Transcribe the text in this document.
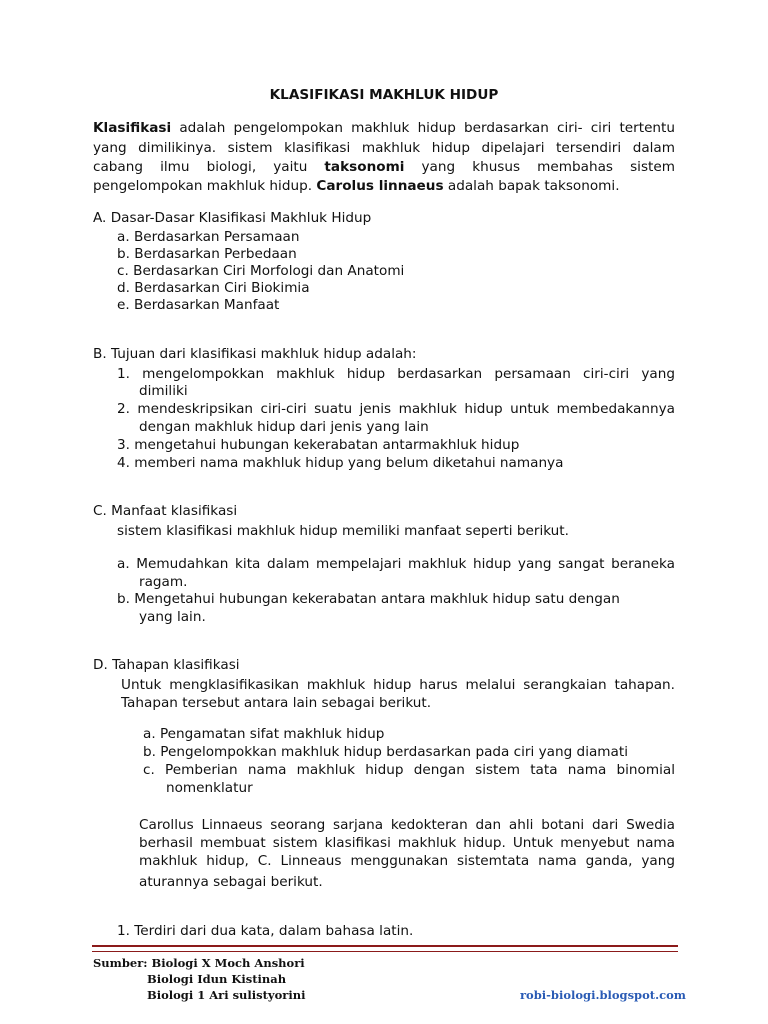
KLASIFIKASI MAKHLUK HIDUP
Klasifikasi adalah pengelompokan makhluk hidup berdasarkan ciri- ciri tertentu
yang dimilikinya. sistem klasifikasi makhluk hidup dipelajari tersendiri dalam
cabang ilmu biologi, yaitu taksonomi yang khusus membahas sistem
pengelompokan makhluk hidup. Carolus linnaeus adalah bapak taksonomi.
A. Dasar-Dasar Klasifikasi Makhluk Hidup
a. Berdasarkan Persamaan
b. Berdasarkan Perbedaan
c. Berdasarkan Ciri Morfologi dan Anatomi
d. Berdasarkan Ciri Biokimia
e. Berdasarkan Manfaat
B. Tujuan dari klasifikasi makhluk hidup adalah:
1. mengelompokkan makhluk hidup berdasarkan persamaan ciri-ciri yang
dimiliki
2. mendeskripsikan ciri-ciri suatu jenis makhluk hidup untuk membedakannya
dengan makhluk hidup dari jenis yang lain
3. mengetahui hubungan kekerabatan antarmakhluk hidup
4. memberi nama makhluk hidup yang belum diketahui namanya
C. Manfaat klasifikasi
sistem klasifikasi makhluk hidup memiliki manfaat seperti berikut.
a. Memudahkan kita dalam mempelajari makhluk hidup yang sangat beraneka
ragam.
b. Mengetahui hubungan kekerabatan antara makhluk hidup satu dengan
yang lain.
D. Tahapan klasifikasi
Untuk mengklasifikasikan makhluk hidup harus melalui serangkaian tahapan.
Tahapan tersebut antara lain sebagai berikut.
a. Pengamatan sifat makhluk hidup
b. Pengelompokkan makhluk hidup berdasarkan pada ciri yang diamati
c. Pemberian nama makhluk hidup dengan sistem tata nama binomial
nomenklatur
Carollus Linnaeus seorang sarjana kedokteran dan ahli botani dari Swedia
berhasil membuat sistem klasifikasi makhluk hidup. Untuk menyebut nama
makhluk hidup, C. Linneaus menggunakan sistemtata nama ganda, yang
aturannya sebagai berikut.
1. Terdiri dari dua kata, dalam bahasa latin.
Sumber: Biologi X Moch Anshori
Biologi Idun Kistinah
Biologi 1 Ari sulistyorini	robi-biologi.blogspot.com
